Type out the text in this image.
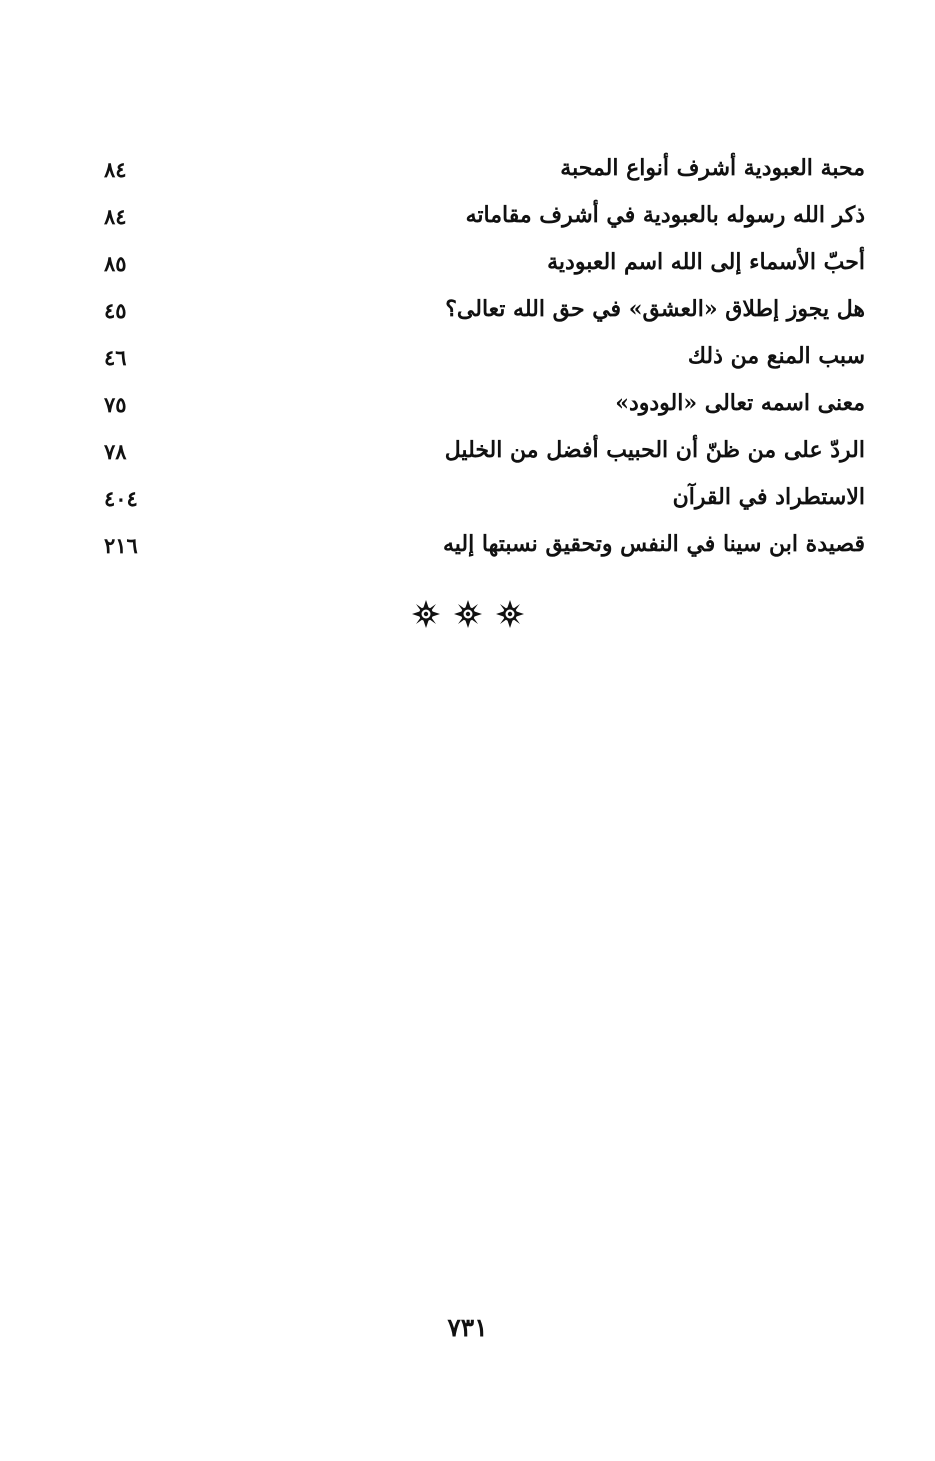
محبة العبودية أشرف أنواع المحبة
٨٤
ذكر الله رسوله بالعبودية في أشرف مقاماته
٨٤
أحبّ الأسماء إلى الله اسم العبودية
٨٥
هل يجوز إطلاق «العشق» في حق الله تعالى؟
٤٥
سبب المنع من ذلك
٤٦
معنى اسمه تعالى «الودود»
٧٥
الردّ على من ظنّ أن الحبيب أفضل من الخليل
٧٨
الاستطراد في القرآن
٤٠٤
قصيدة ابن سينا في النفس وتحقيق نسبتها إليه
٢١٦
٧٣١
